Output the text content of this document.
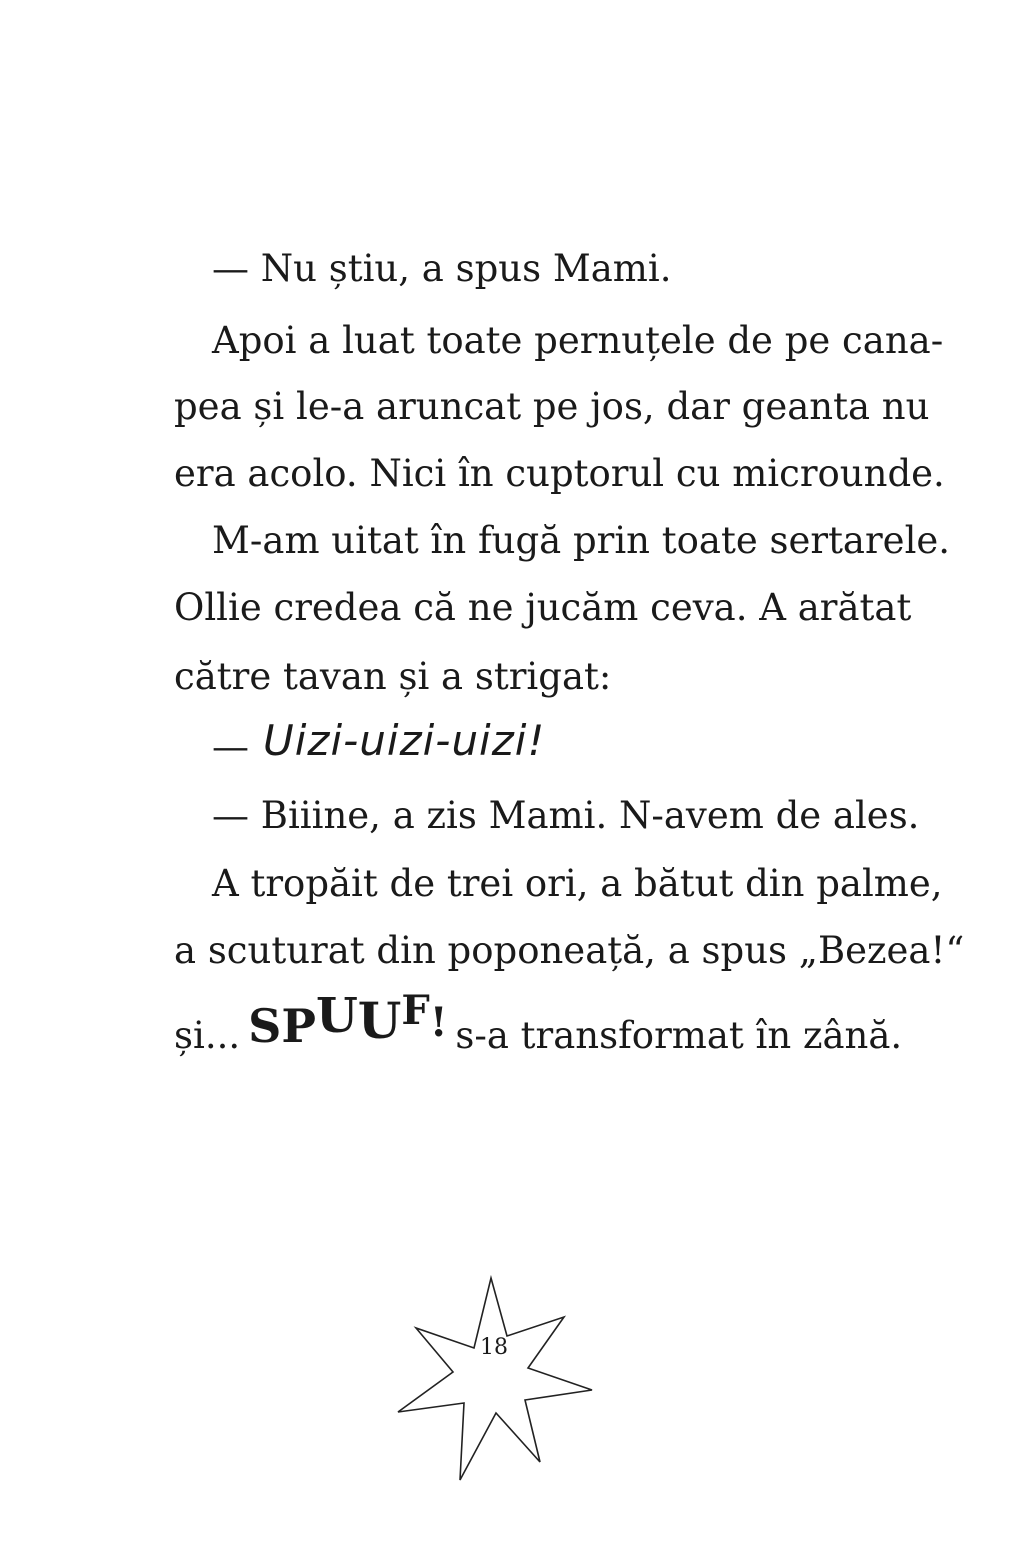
— Nu știu, a spus Mami.
Apoi a luat toate pernuțele de pe cana-
pea și le-a aruncat pe jos, dar geanta nu
era acolo. Nici în cuptorul cu microunde.
M-am uitat în fugă prin toate sertarele.
Ollie credea că ne jucăm ceva. A arătat
către tavan și a strigat:
— Uizi-uizi-uizi!
— Biiine, a zis Mami. N-avem de ales.
A tropăit de trei ori, a bătut din palme,
a scuturat din poponeață, a spus „Bezea!“
și... SPUUF! s-a transformat în zână.
18
